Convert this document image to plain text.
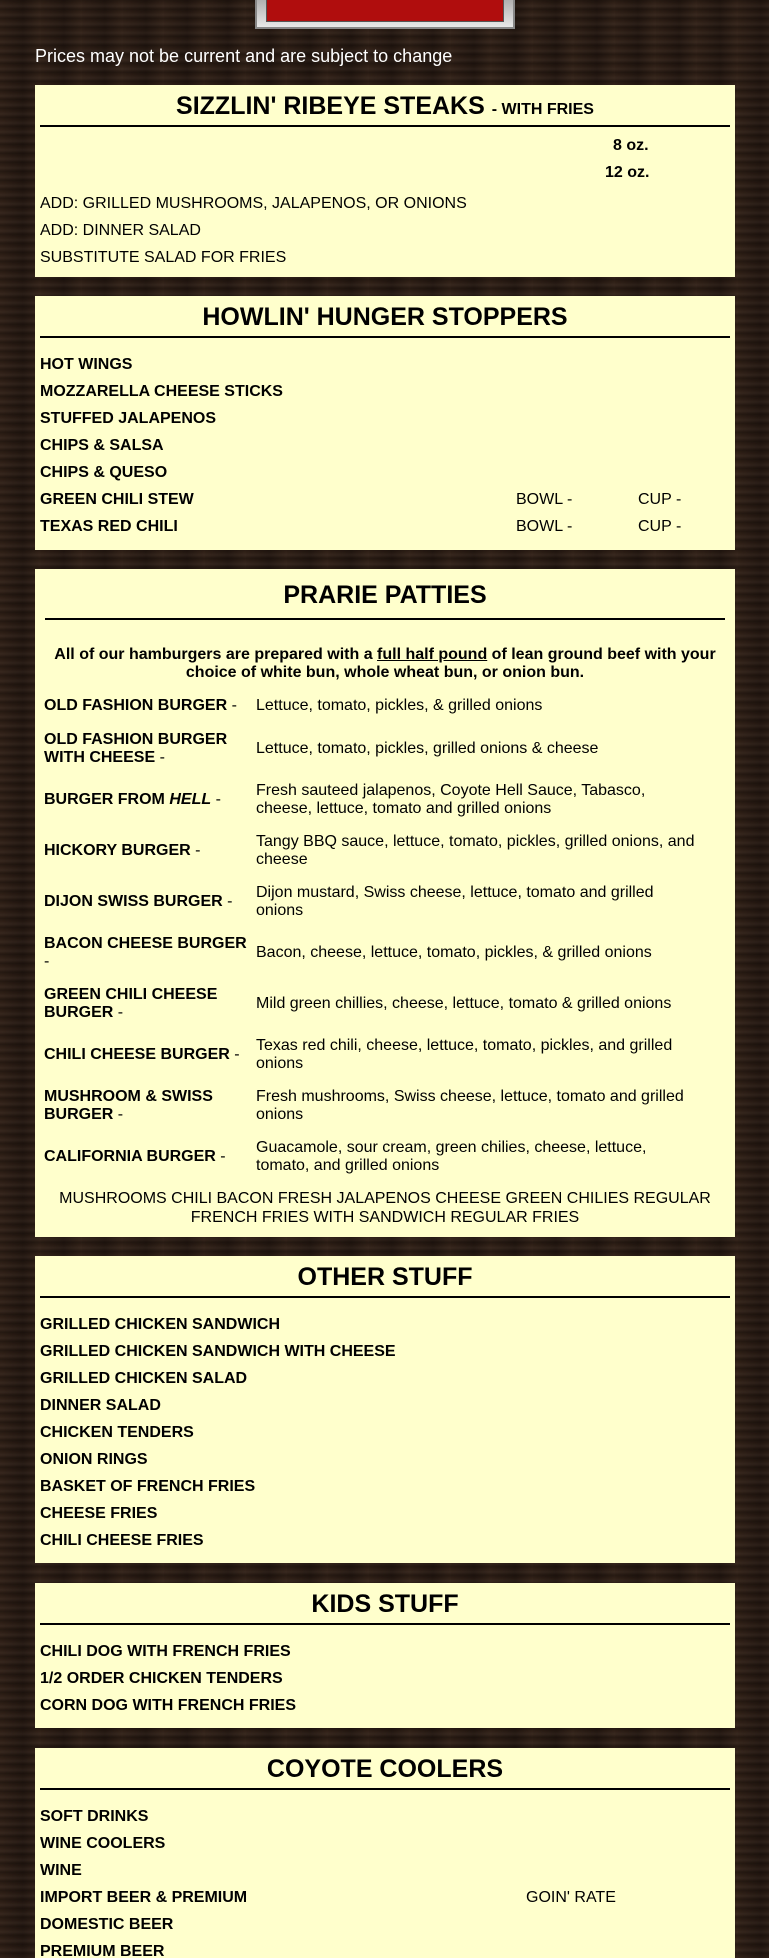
Prices may not be current and are subject to change
SIZZLIN' RIBEYE STEAKS - WITH FRIES
8 oz.
12 oz.
ADD: GRILLED MUSHROOMS, JALAPENOS, OR ONIONS
ADD: DINNER SALAD
SUBSTITUTE SALAD FOR FRIES
HOWLIN' HUNGER STOPPERS
HOT WINGS
MOZZARELLA CHEESE STICKS
STUFFED JALAPENOS
CHIPS & SALSA
CHIPS & QUESO
GREEN CHILI STEW	BOWL -	CUP -
TEXAS RED CHILI	BOWL -	CUP -
PRARIE PATTIES
All of our hamburgers are prepared with a full half pound of lean ground beef with your choice of white bun, whole wheat bun, or onion bun.
OLD FASHION BURGER -	Lettuce, tomato, pickles, & grilled onions
OLD FASHION BURGER WITH CHEESE -
Lettuce, tomato, pickles, grilled onions & cheese
BURGER FROM HELL -
Fresh sauteed jalapenos, Coyote Hell Sauce, Tabasco, cheese, lettuce, tomato and grilled onions
HICKORY BURGER -
Tangy BBQ sauce, lettuce, tomato, pickles, grilled onions, and cheese
DIJON SWISS BURGER -
Dijon mustard, Swiss cheese, lettuce, tomato and grilled onions
BACON CHEESE BURGER -
Bacon, cheese, lettuce, tomato, pickles, & grilled onions
GREEN CHILI CHEESE BURGER -
Mild green chillies, cheese, lettuce, tomato & grilled onions
CHILI CHEESE BURGER -
Texas red chili, cheese, lettuce, tomato, pickles, and grilled onions
MUSHROOM & SWISS BURGER -
Fresh mushrooms, Swiss cheese, lettuce, tomato and grilled onions
CALIFORNIA BURGER -
Guacamole, sour cream, green chilies, cheese, lettuce, tomato, and grilled onions
MUSHROOMS CHILI BACON FRESH JALAPENOS CHEESE GREEN CHILIES REGULAR FRENCH FRIES WITH SANDWICH REGULAR FRIES
OTHER STUFF
GRILLED CHICKEN SANDWICH
GRILLED CHICKEN SANDWICH WITH CHEESE
GRILLED CHICKEN SALAD
DINNER SALAD
CHICKEN TENDERS
ONION RINGS
BASKET OF FRENCH FRIES
CHEESE FRIES
CHILI CHEESE FRIES
KIDS STUFF
CHILI DOG WITH FRENCH FRIES
1/2 ORDER CHICKEN TENDERS
CORN DOG WITH FRENCH FRIES
COYOTE COOLERS
SOFT DRINKS
WINE COOLERS
WINE
IMPORT BEER & PREMIUM	GOIN' RATE
DOMESTIC BEER
PREMIUM BEER
